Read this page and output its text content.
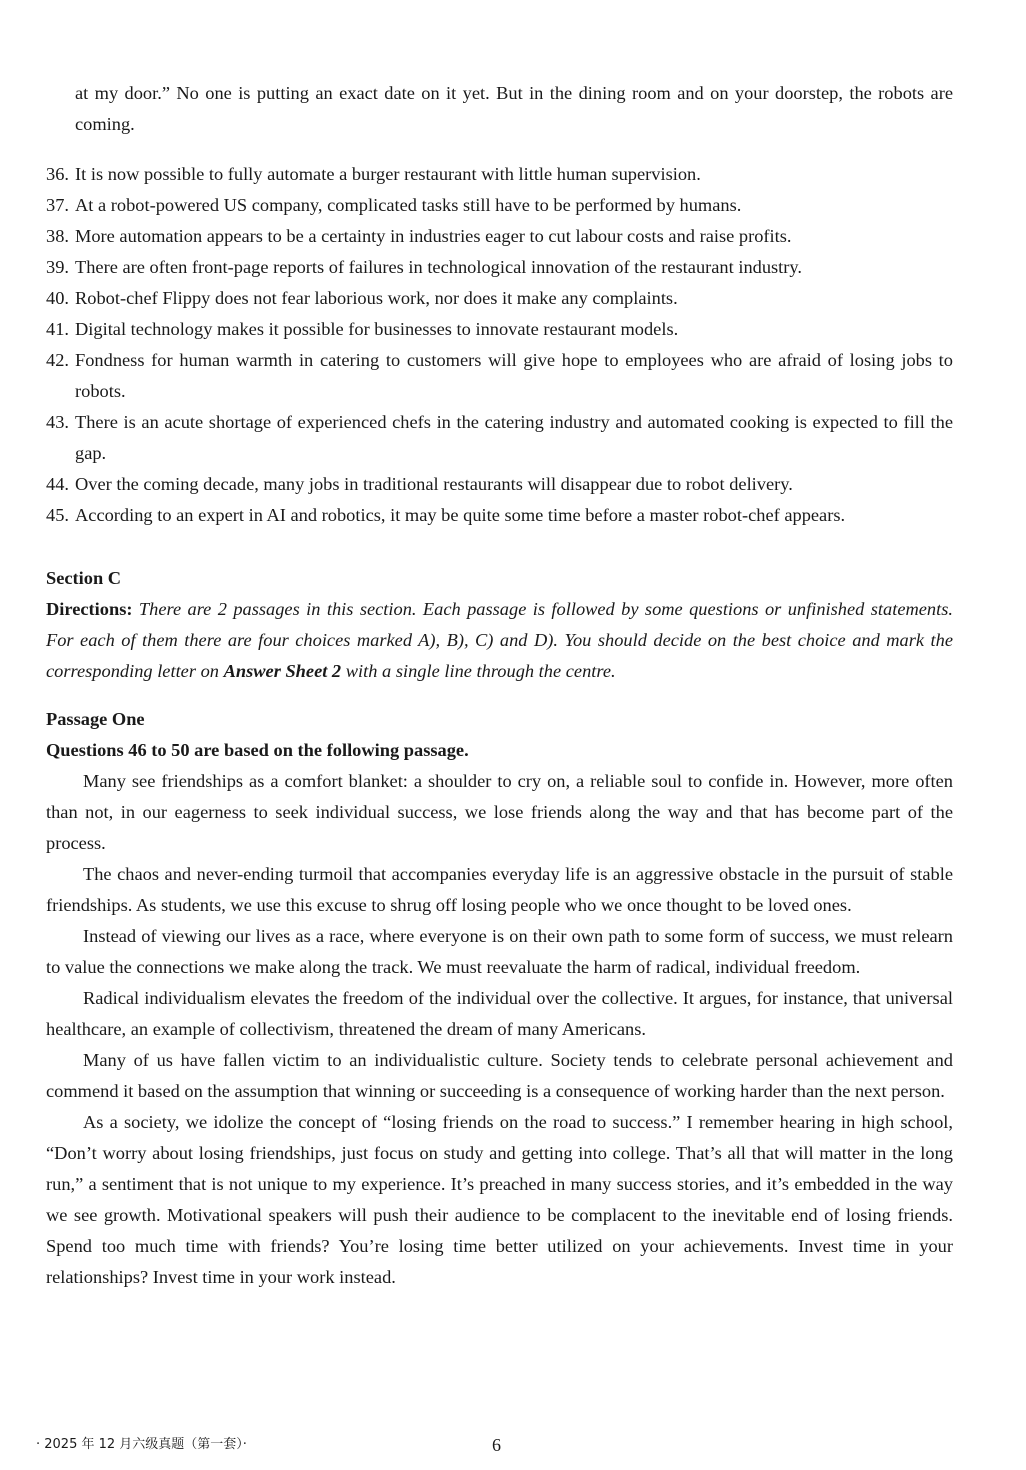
at my door.” No one is putting an exact date on it yet. But in the dining room and on your doorstep, the robots are coming.

36. It is now possible to fully automate a burger restaurant with little human supervision.
37. At a robot-powered US company, complicated tasks still have to be performed by humans.
38. More automation appears to be a certainty in industries eager to cut labour costs and raise profits.
39. There are often front-page reports of failures in technological innovation of the restaurant industry.
40. Robot-chef Flippy does not fear laborious work, nor does it make any complaints.
41. Digital technology makes it possible for businesses to innovate restaurant models.
42. Fondness for human warmth in catering to customers will give hope to employees who are afraid of losing jobs to robots.
43. There is an acute shortage of experienced chefs in the catering industry and automated cooking is expected to fill the gap.
44. Over the coming decade, many jobs in traditional restaurants will disappear due to robot delivery.
45. According to an expert in AI and robotics, it may be quite some time before a master robot-chef appears.

Section C

Directions: There are 2 passages in this section. Each passage is followed by some questions or unfinished statements. For each of them there are four choices marked A), B), C) and D). You should decide on the best choice and mark the corresponding letter on Answer Sheet 2 with a single line through the centre.

Passage One

Questions 46 to 50 are based on the following passage.

Many see friendships as a comfort blanket: a shoulder to cry on, a reliable soul to confide in. However, more often than not, in our eagerness to seek individual success, we lose friends along the way and that has become part of the process.

The chaos and never-ending turmoil that accompanies everyday life is an aggressive obstacle in the pursuit of stable friendships. As students, we use this excuse to shrug off losing people who we once thought to be loved ones.

Instead of viewing our lives as a race, where everyone is on their own path to some form of success, we must relearn to value the connections we make along the track. We must reevaluate the harm of radical, individual freedom.

Radical individualism elevates the freedom of the individual over the collective. It argues, for instance, that universal healthcare, an example of collectivism, threatened the dream of many Americans.

Many of us have fallen victim to an individualistic culture. Society tends to celebrate personal achievement and commend it based on the assumption that winning or succeeding is a consequence of working harder than the next person.

As a society, we idolize the concept of “losing friends on the road to success.” I remember hearing in high school, “Don’t worry about losing friendships, just focus on study and getting into college. That’s all that will matter in the long run,” a sentiment that is not unique to my experience. It’s preached in many success stories, and it’s embedded in the way we see growth. Motivational speakers will push their audience to be complacent to the inevitable end of losing friends. Spend too much time with friends? You’re losing time better utilized on your achievements. Invest time in your relationships? Invest time in your work instead.

· 2025 年 12 月六级真题（第一套）·	6
